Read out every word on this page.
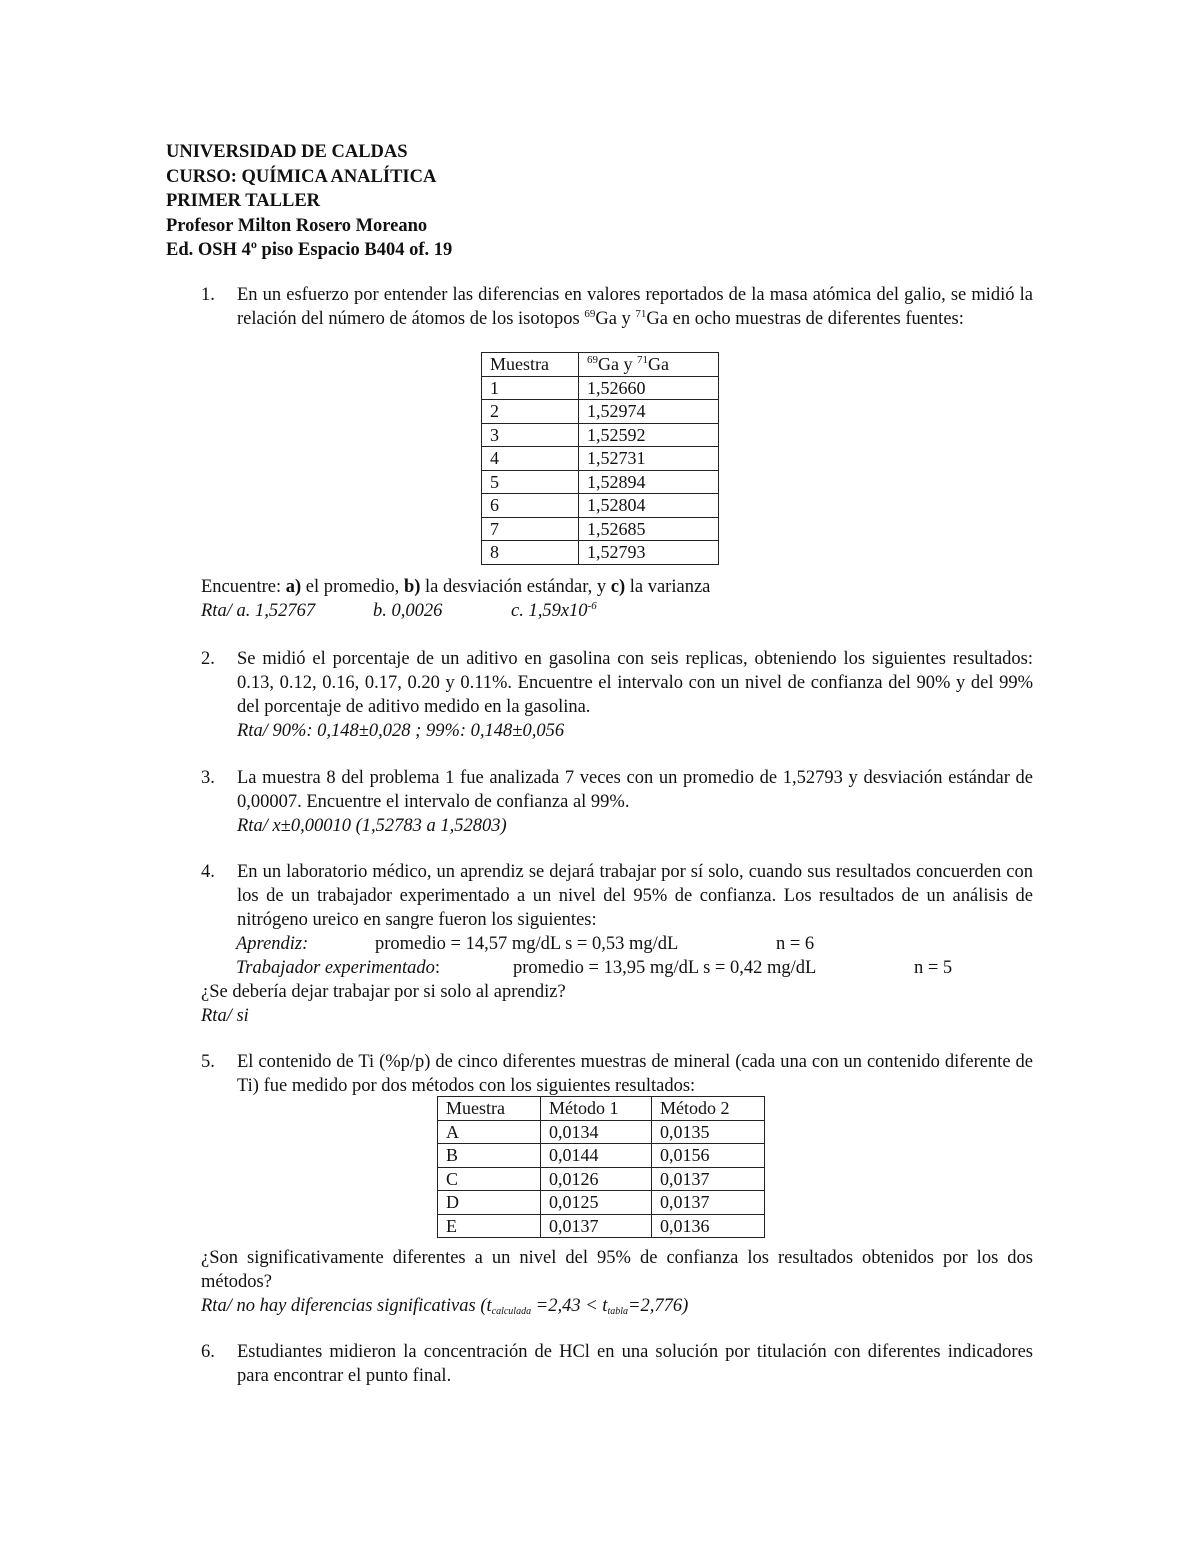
UNIVERSIDAD DE CALDAS
CURSO: QUÍMICA ANALÍTICA
PRIMER TALLER
Profesor Milton Rosero Moreano
Ed. OSH 4º piso Espacio B404 of. 19
1. En un esfuerzo por entender las diferencias en valores reportados de la masa atómica del galio, se midió la relación del número de átomos de los isotopos $^{69}$Ga y $^{71}$Ga en ocho muestras de diferentes fuentes:
Muestra	$^{69}$Ga y $^{71}$Ga
1	1,52660
2	1,52974
3	1,52592
4	1,52731
5	1,52894
6	1,52804
7	1,52685
8	1,52793
Encuentre: a) el promedio, b) la desviación estándar, y c) la varianza
Rta/ a. 1,52767	b. 0,0026	c. $1,59x10^{-6}$
2. Se midió el porcentaje de un aditivo en gasolina con seis replicas, obteniendo los siguientes resultados: 0.13, 0.12, 0.16, 0.17, 0.20 y 0.11%. Encuentre el intervalo con un nivel de confianza del 90% y del 99% del porcentaje de aditivo medido en la gasolina.
Rta/ 90%: 0,148±0,028 ; 99%: 0,148±0,056
3. La muestra 8 del problema 1 fue analizada 7 veces con un promedio de 1,52793 y desviación estándar de 0,00007. Encuentre el intervalo de confianza al 99%.
Rta/ x±0,00010 (1,52783 a 1,52803)
4. En un laboratorio médico, un aprendiz se dejará trabajar por sí solo, cuando sus resultados concuerden con los de un trabajador experimentado a un nivel del 95% de confianza. Los resultados de un análisis de nitrógeno ureico en sangre fueron los siguientes:
Aprendiz:	promedio = 14,57 mg/dL s = 0,53 mg/dL	n = 6
Trabajador experimentado:	promedio = 13,95 mg/dL s = 0,42 mg/dL	n = 5
¿Se debería dejar trabajar por si solo al aprendiz?
Rta/ si
5. El contenido de Ti (%p/p) de cinco diferentes muestras de mineral (cada una con un contenido diferente de Ti) fue medido por dos métodos con los siguientes resultados:
Muestra	Método 1	Método 2
A	0,0134	0,0135
B	0,0144	0,0156
C	0,0126	0,0137
D	0,0125	0,0137
E	0,0137	0,0136
¿Son significativamente diferentes a un nivel del 95% de confianza los resultados obtenidos por los dos métodos?
Rta/ no hay diferencias significativas $(t_{calculada} =2,43 < t_{tabla}=2,776)$
6. Estudiantes midieron la concentración de HCl en una solución por titulación con diferentes indicadores para encontrar el punto final.
